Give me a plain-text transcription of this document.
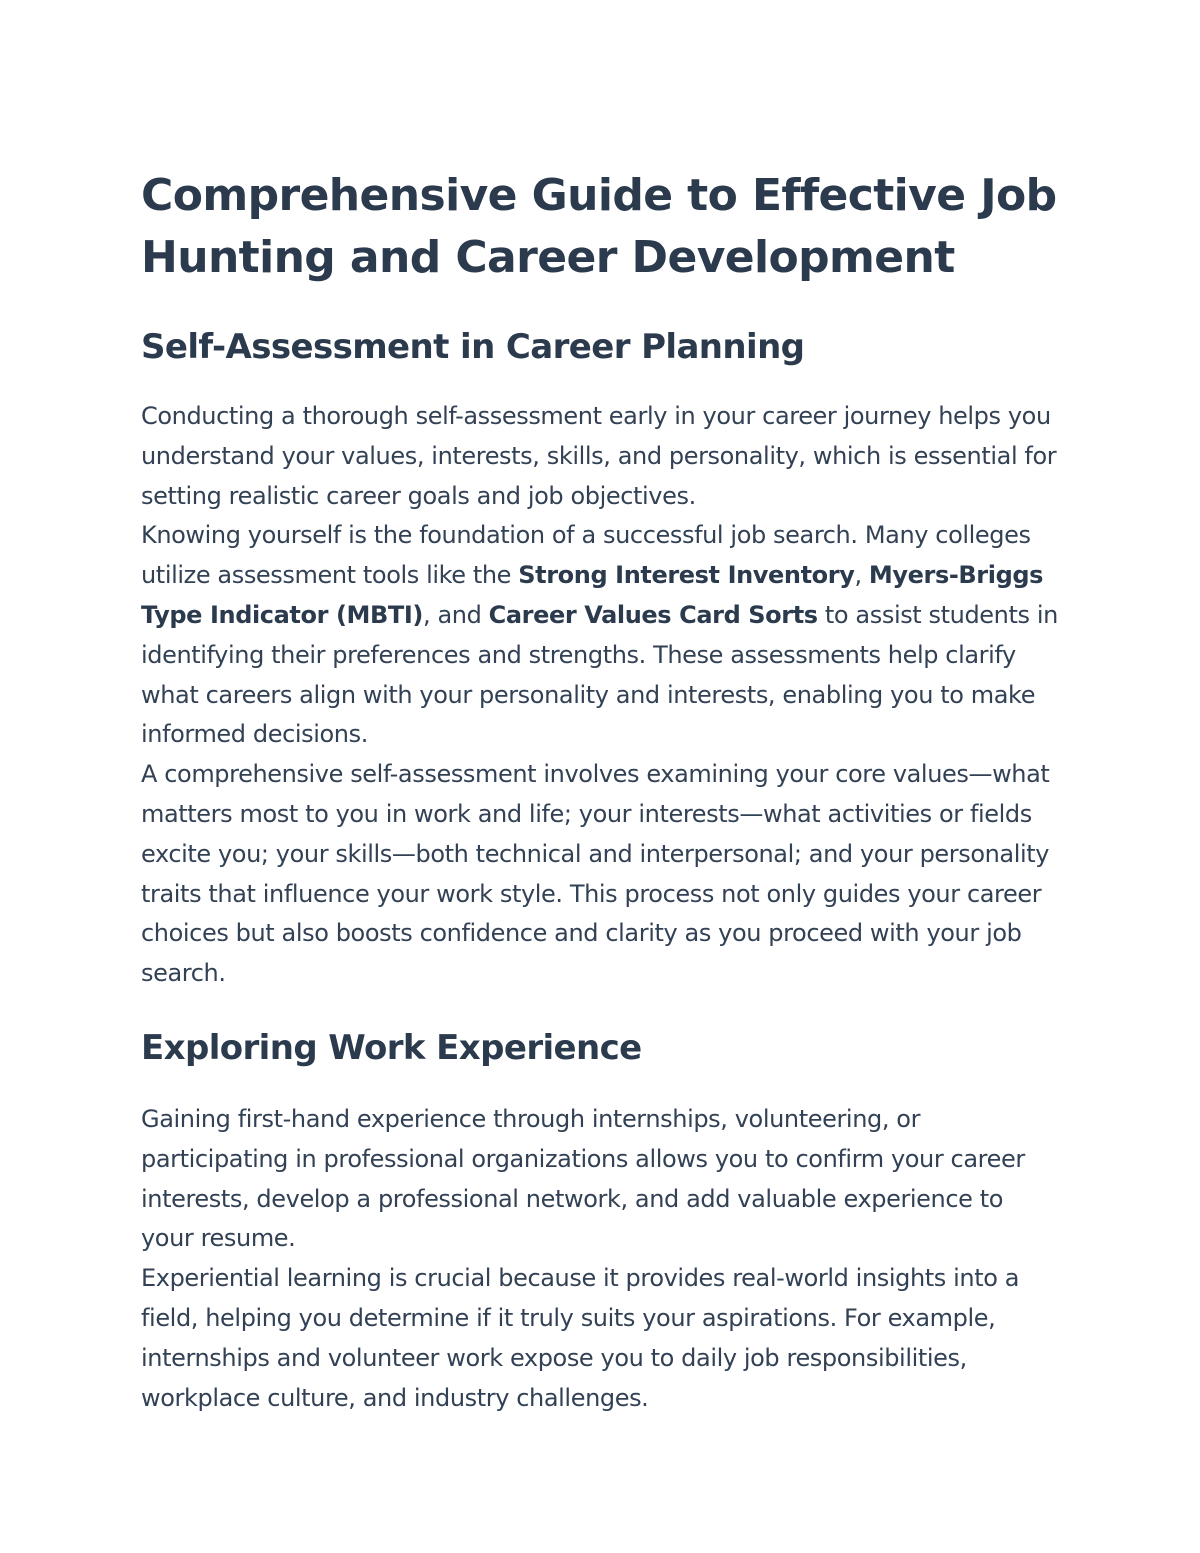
Comprehensive Guide to Effective Job Hunting and Career Development
Self-Assessment in Career Planning

Conducting a thorough self-assessment early in your career journey helps you understand your values, interests, skills, and personality, which is essential for setting realistic career goals and job objectives.

Knowing yourself is the foundation of a successful job search. Many colleges utilize assessment tools like the Strong Interest Inventory, Myers-Briggs Type Indicator (MBTI), and Career Values Card Sorts to assist students in identifying their preferences and strengths. These assessments help clarify what careers align with your personality and interests, enabling you to make informed decisions.

A comprehensive self-assessment involves examining your core values—what matters most to you in work and life; your interests—what activities or fields excite you; your skills—both technical and interpersonal; and your personality traits that influence your work style. This process not only guides your career choices but also boosts confidence and clarity as you proceed with your job search.

Exploring Work Experience

Gaining first-hand experience through internships, volunteering, or participating in professional organizations allows you to confirm your career interests, develop a professional network, and add valuable experience to your resume.

Experiential learning is crucial because it provides real-world insights into a field, helping you determine if it truly suits your aspirations. For example, internships and volunteer work expose you to daily job responsibilities, workplace culture, and industry challenges.
